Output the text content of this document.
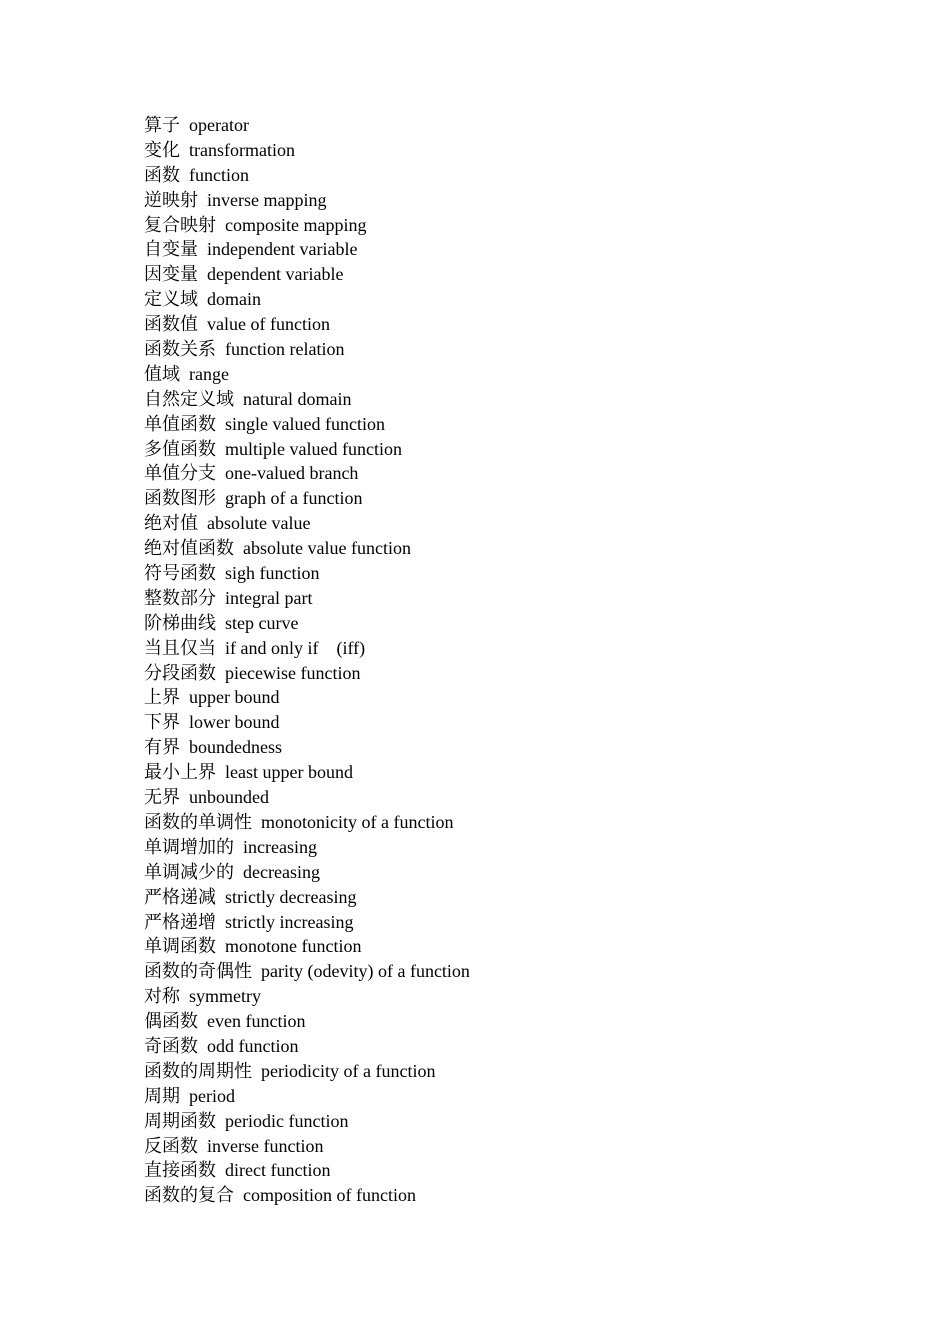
算子 operator
变化 transformation
函数 function
逆映射 inverse mapping
复合映射 composite mapping
自变量 independent variable
因变量 dependent variable
定义域 domain
函数值 value of function
函数关系 function relation
值域 range
自然定义域 natural domain
单值函数 single valued function
多值函数 multiple valued function
单值分支 one-valued branch
函数图形 graph of a function
绝对值 absolute value
绝对值函数 absolute value function
符号函数 sigh function
整数部分 integral part
阶梯曲线 step curve
当且仅当 if and only if    (iff)
分段函数 piecewise function
上界 upper bound
下界 lower bound
有界 boundedness
最小上界 least upper bound
无界 unbounded
函数的单调性 monotonicity of a function
单调增加的 increasing
单调减少的 decreasing
严格递减 strictly decreasing
严格递增 strictly increasing
单调函数 monotone function
函数的奇偶性 parity (odevity) of a function
对称 symmetry
偶函数 even function
奇函数 odd function
函数的周期性 periodicity of a function
周期 period
周期函数 periodic function
反函数 inverse function
直接函数 direct function
函数的复合 composition of function
